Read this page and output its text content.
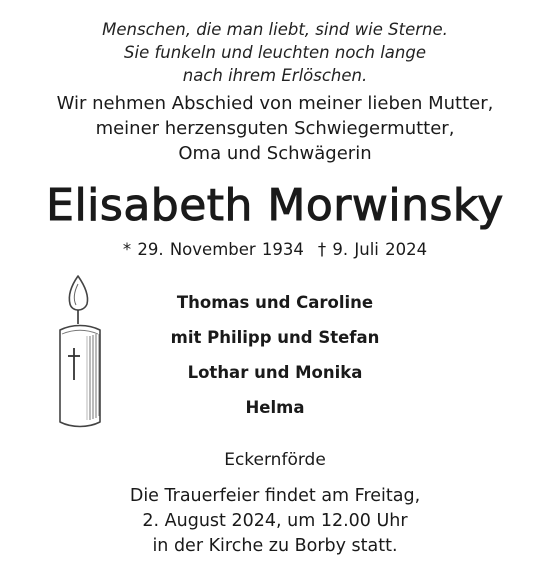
Menschen, die man liebt, sind wie Sterne.
Sie funkeln und leuchten noch lange
nach ihrem Erlöschen.
Wir nehmen Abschied von meiner lieben Mutter,
meiner herzensguten Schwiegermutter,
Oma und Schwägerin
Elisabeth Morwinsky
* 29. November 1934 † 9. Juli 2024
Thomas und Caroline
mit Philipp und Stefan
Lothar und Monika
Helma
Eckernförde
Die Trauerfeier findet am Freitag,
2. August 2024, um 12.00 Uhr
in der Kirche zu Borby statt.
